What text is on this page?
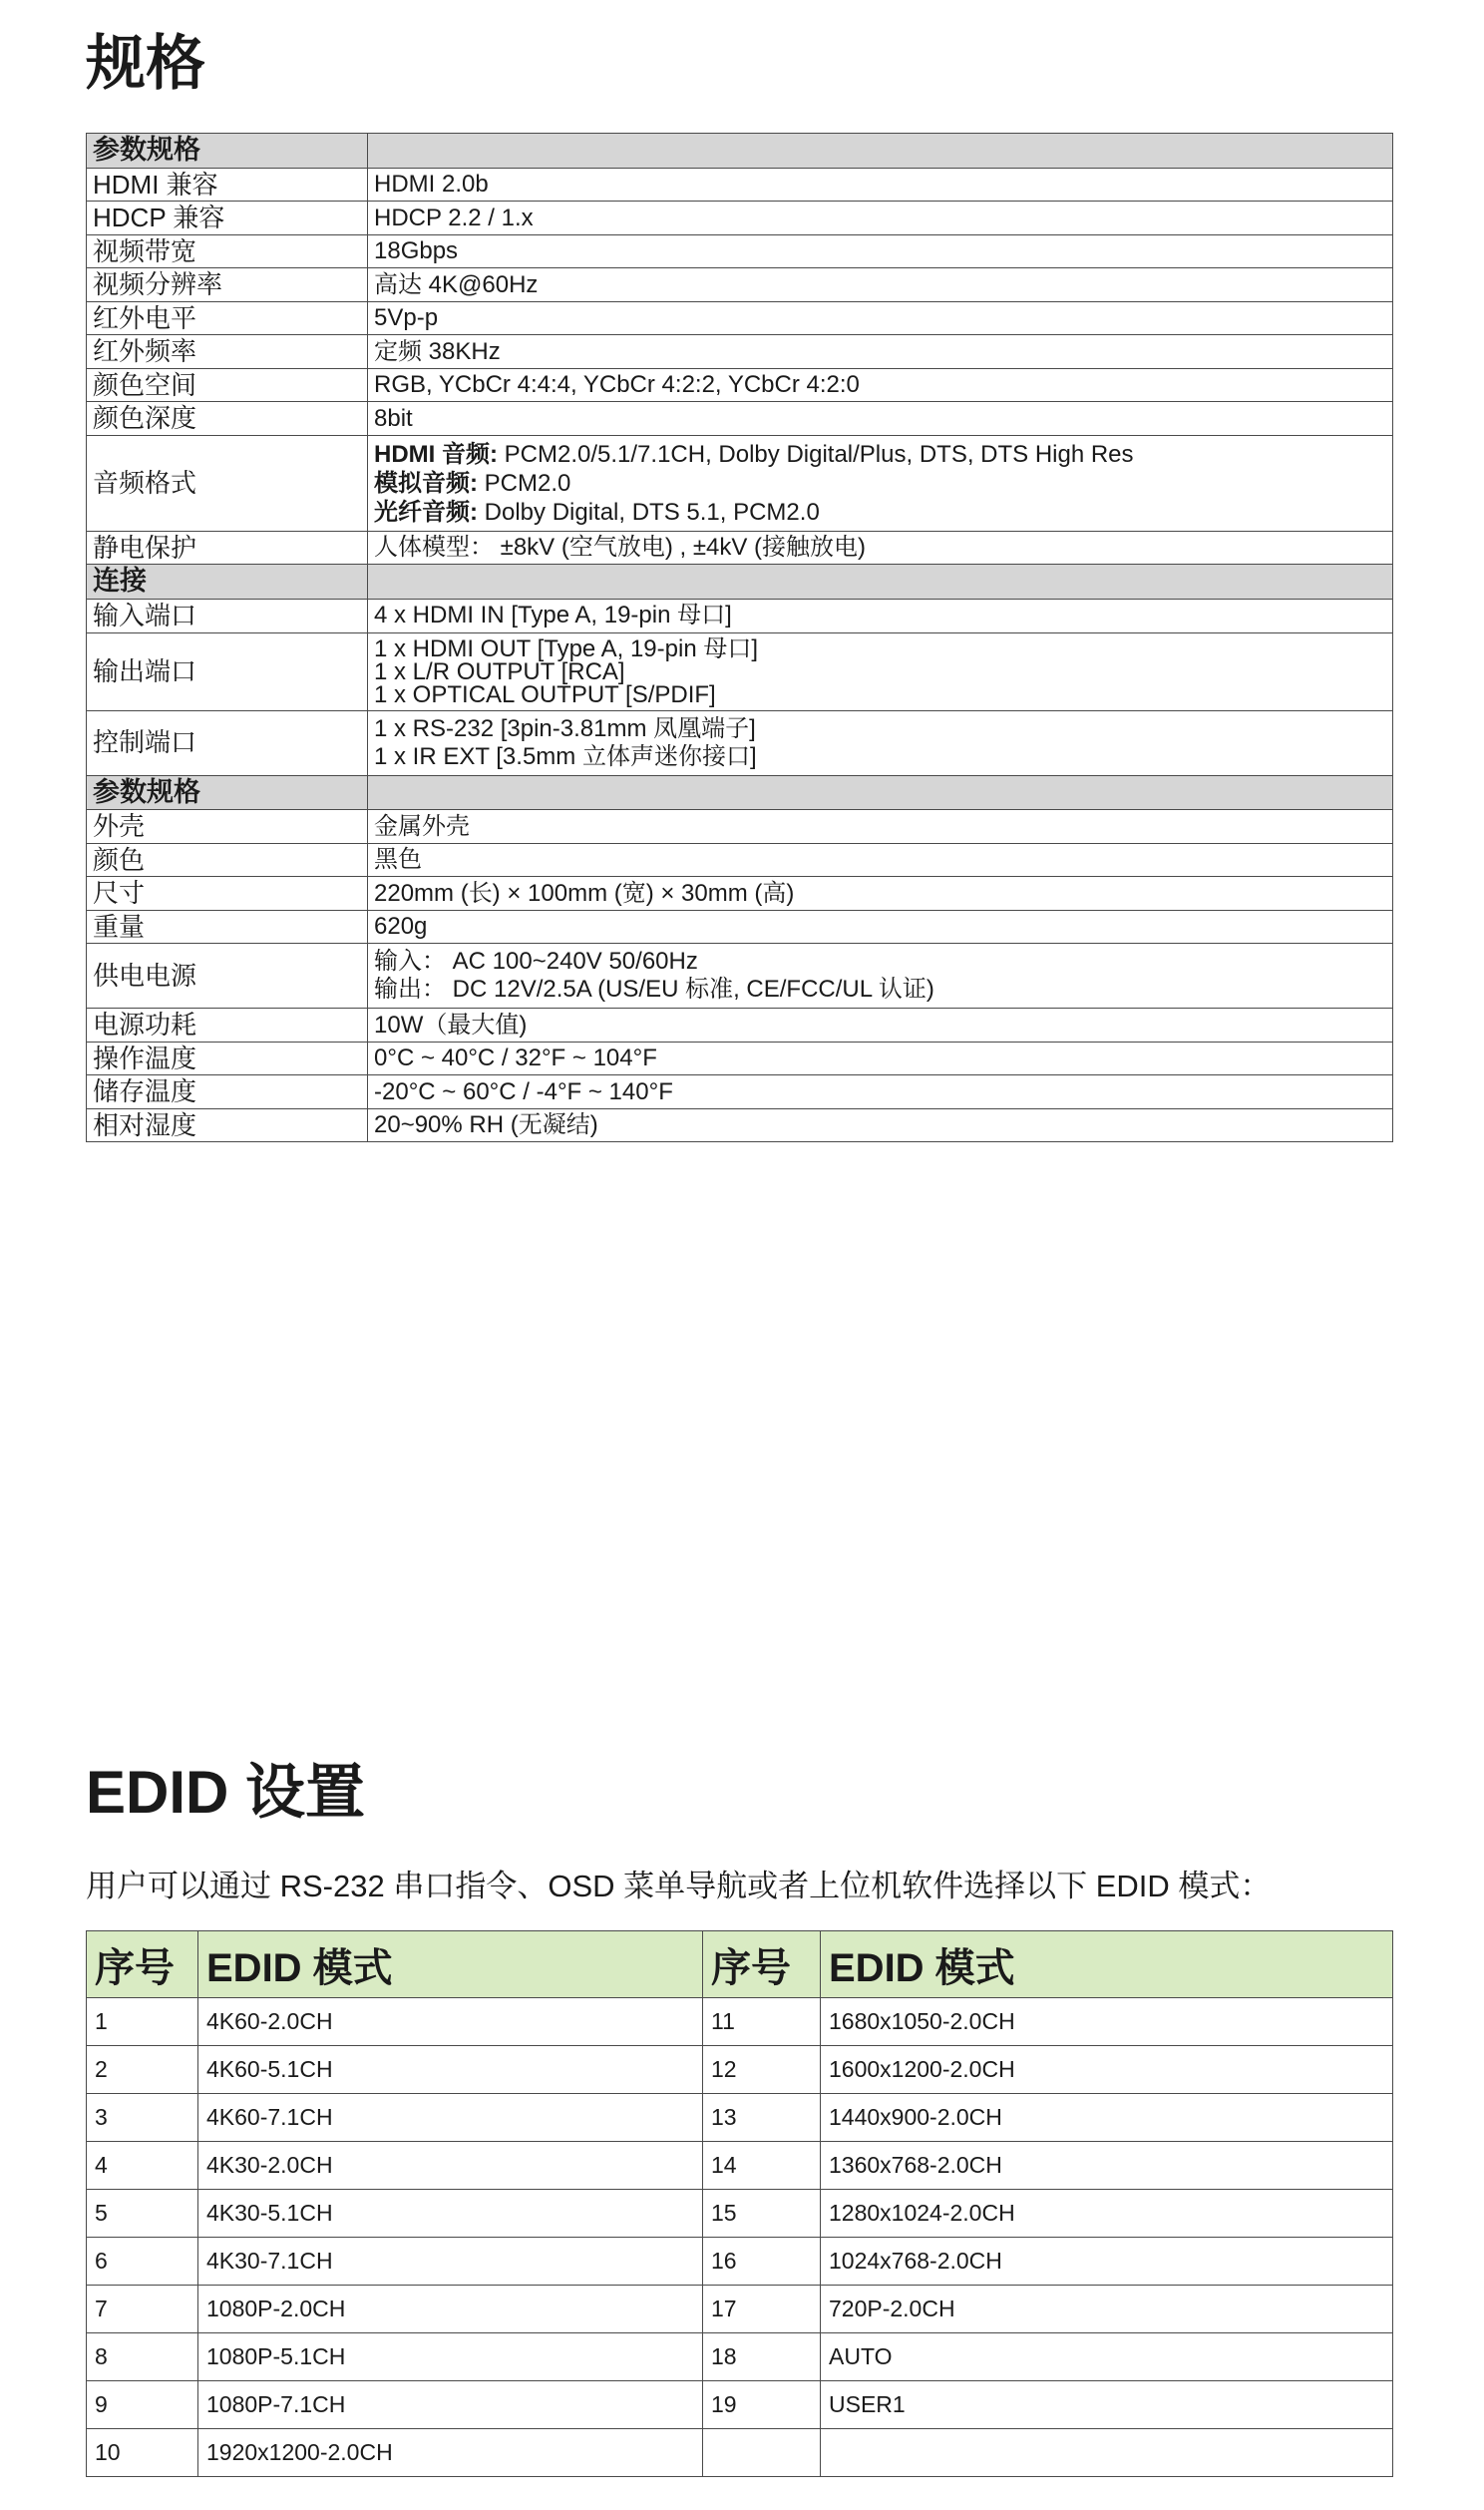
规格
参数规格	
HDMI 兼容	HDMI 2.0b

HDCP 兼容	HDCP 2.2 / 1.x

视频带宽	18Gbps

视频分辨率	高达 4K@60Hz

红外电平	5Vp-p

红外频率	定频 38KHz

颜色空间	RGB, YCbCr 4:4:4, YCbCr 4:2:2, YCbCr 4:2:0

颜色深度	8bit

音频格式	HDMI 音频: PCM2.0/5.1/7.1CH, Dolby Digital/Plus, DTS, DTS High Res
模拟音频: PCM2.0
光纤音频: Dolby Digital, DTS 5.1, PCM2.0

静电保护	人体模型： ±8kV (空气放电) , ±4kV (接触放电)

连接	
输入端口	4 x HDMI IN [Type A, 19-pin 母口]

输出端口	1 x HDMI OUT [Type A, 19-pin 母口]
1 x L/R OUTPUT [RCA]
1 x OPTICAL OUTPUT [S/PDIF]

控制端口	1 x RS-232 [3pin-3.81mm 凤凰端子]
1 x IR EXT [3.5mm 立体声迷你接口]

参数规格	
外壳	金属外壳

颜色	黑色

尺寸	220mm (长) × 100mm (宽) × 30mm (高)

重量	620g

供电电源	输入： AC 100~240V 50/60Hz
输出： DC 12V/2.5A (US/EU 标准, CE/FCC/UL 认证)

电源功耗	10W（最大值)

操作温度	0°C ~ 40°C / 32°F ~ 104°F

储存温度	-20°C ~ 60°C / -4°F ~ 140°F

相对湿度	20~90% RH (无凝结)
EDID 设置

用户可以通过 RS-232 串口指令、OSD 菜单导航或者上位机软件选择以下 EDID 模式：

序号	EDID 模式	序号	EDID 模式
1	4K60-2.0CH	11	1680x1050-2.0CH
2	4K60-5.1CH	12	1600x1200-2.0CH
3	4K60-7.1CH	13	1440x900-2.0CH
4	4K30-2.0CH	14	1360x768-2.0CH
5	4K30-5.1CH	15	1280x1024-2.0CH
6	4K30-7.1CH	16	1024x768-2.0CH
7	1080P-2.0CH	17	720P-2.0CH
8	1080P-5.1CH	18	AUTO
9	1080P-7.1CH	19	USER1
10	1920x1200-2.0CH		
